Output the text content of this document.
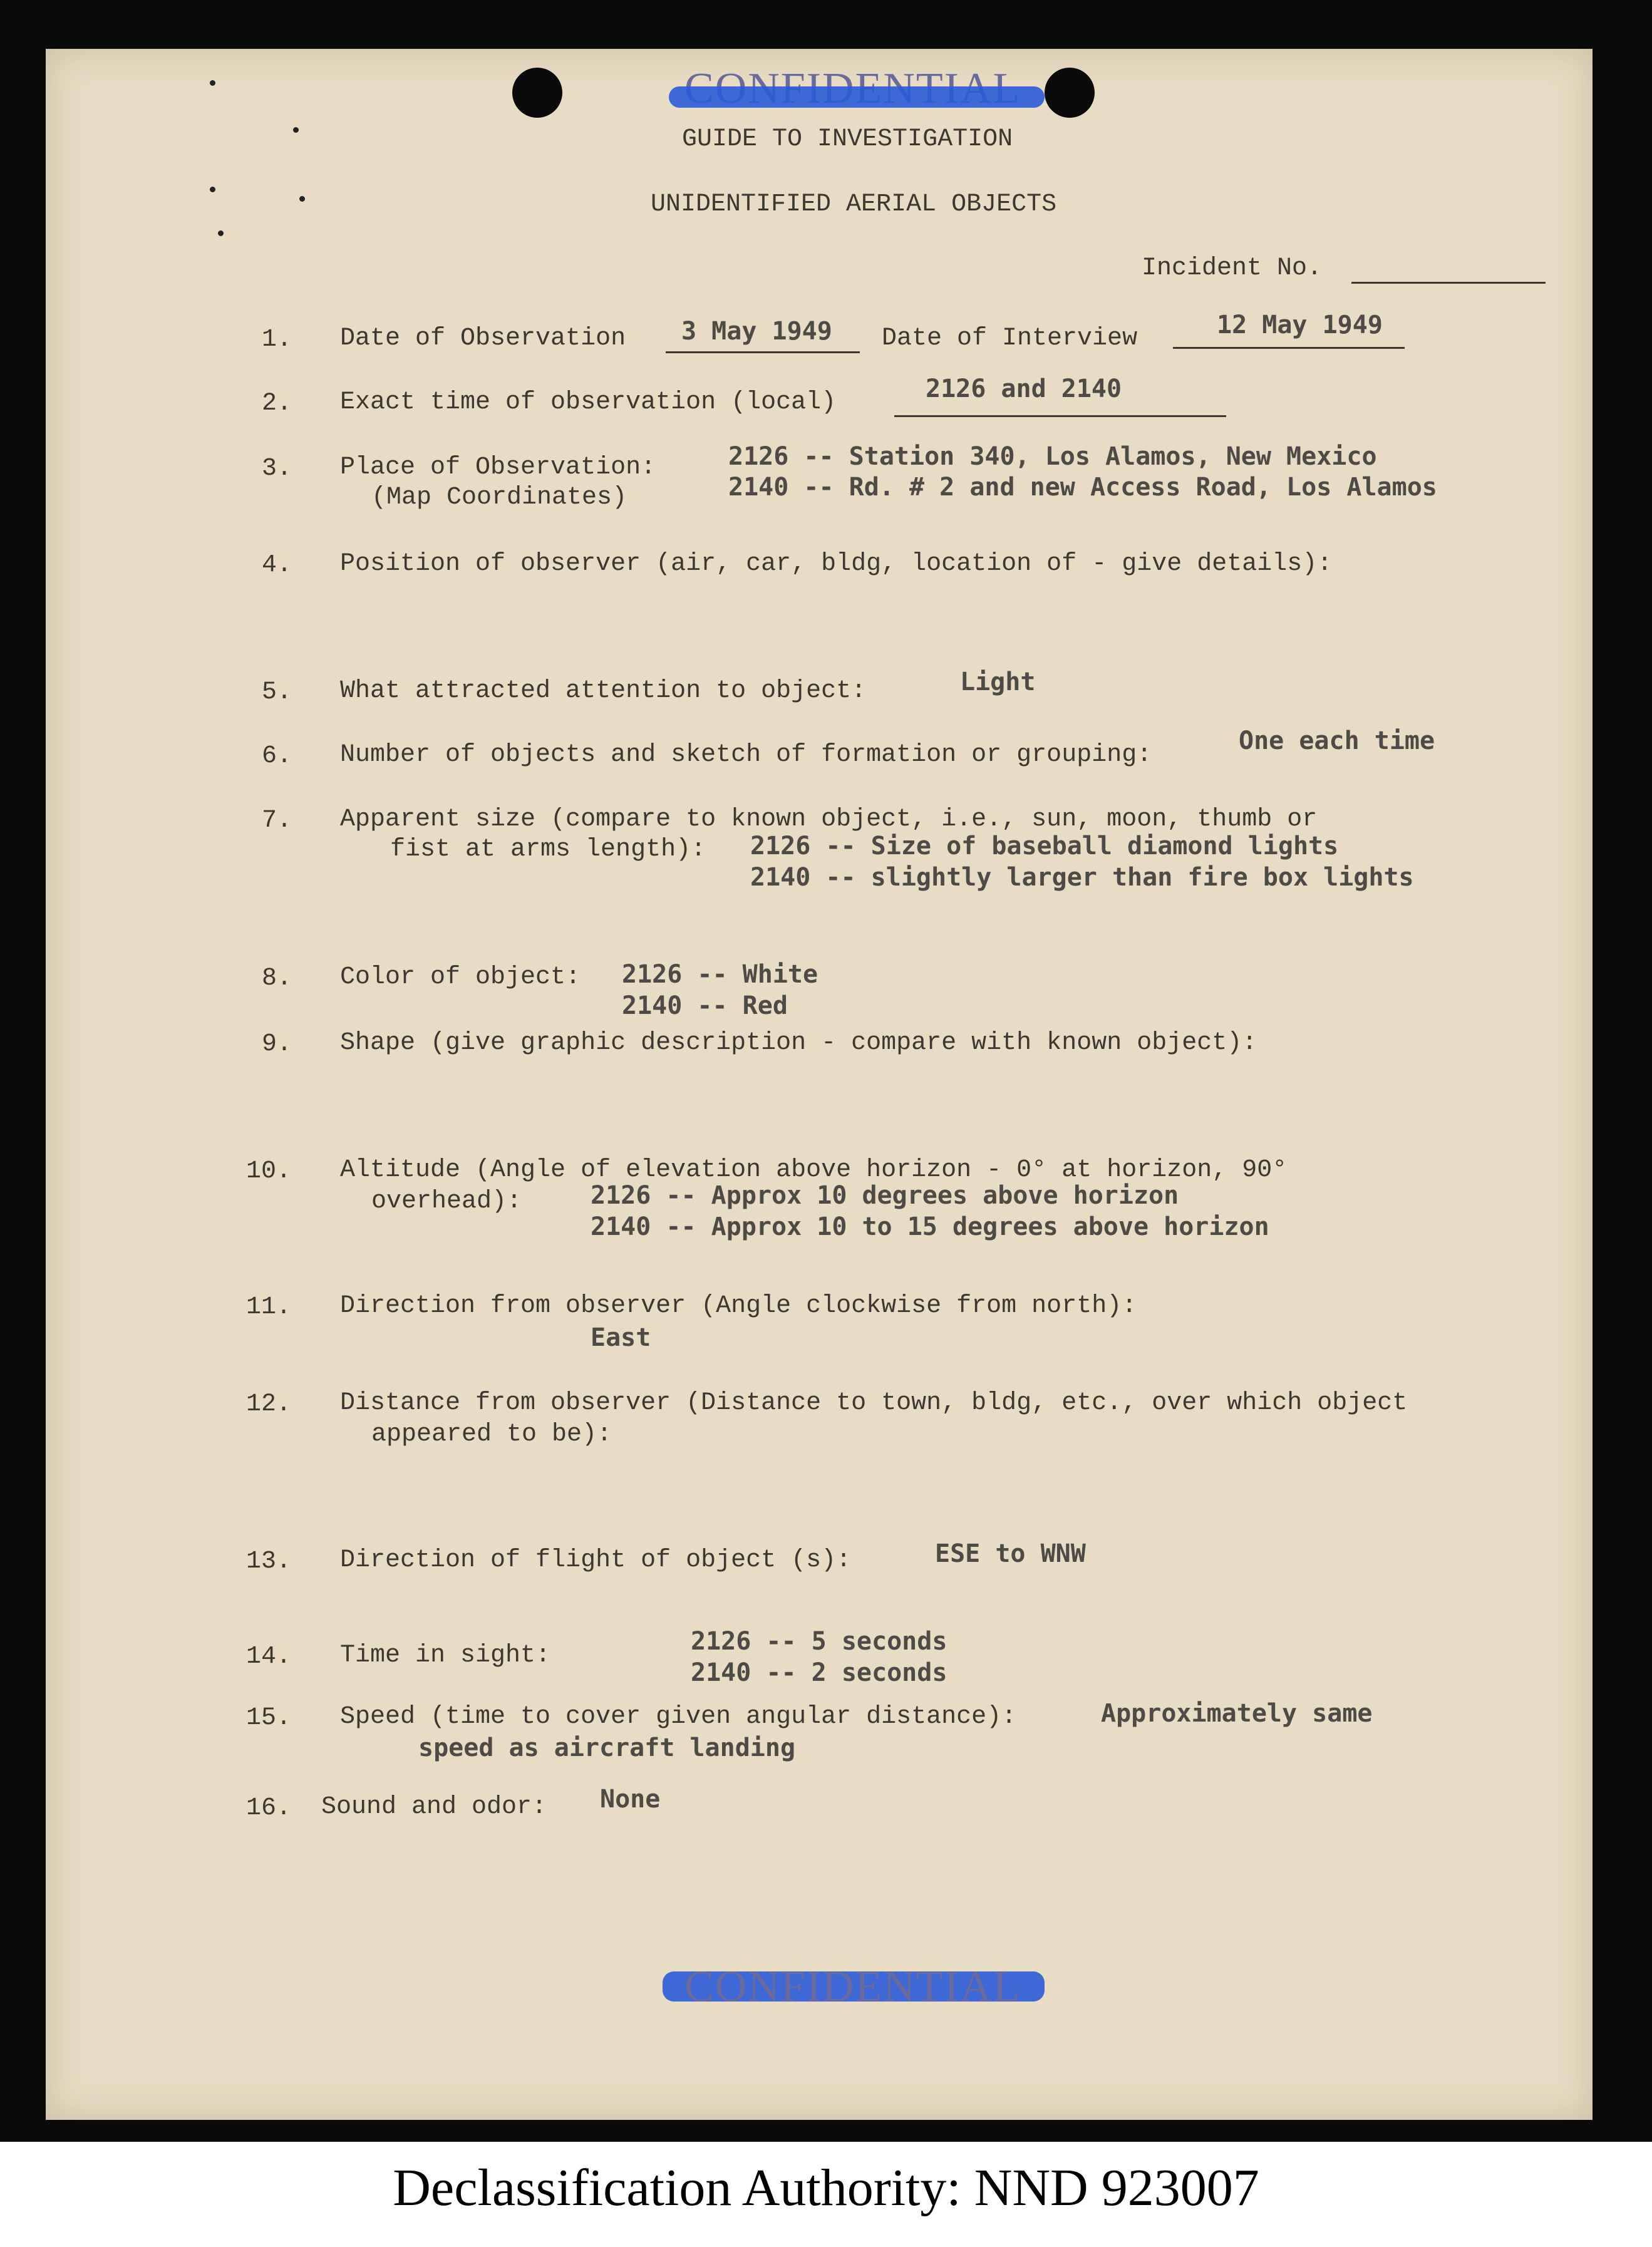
GUIDE TO INVESTIGATION
UNIDENTIFIED AERIAL OBJECTS
Incident No.
1. Date of Observation 3 May 1949 Date of Interview	12 May 1949
2. Exact time of observation (local)	2126 and 2140
3. Place of Observation:
(Map Coordinates)
2126 -- Station 340, Los Alamos, New Mexico
2140 -- Rd. # 2 and new Access Road, Los Alamos
4. Position of observer (air, car, bldg, location of - give details):
5. What attracted attention to object:	Light
6. Number of objects and sketch of formation or grouping:	One each time
7. Apparent size (compare to known object, i.e., sun, moon, thumb or
fist at arms length): 2126 -- Size of baseball diamond lights
2140 -- slightly larger than fire box lights
8. Color of object: 2126 -- White
2140 -- Red
9. Shape (give graphic description - compare with known object):
10. Altitude (Angle of elevation above horizon - 0° at horizon, 90°
overhead):	2126 -- Approx 10 degrees above horizon
2140 -- Approx 10 to 15 degrees above horizon
11. Direction from observer (Angle clockwise from north):
East
12. Distance from observer (Distance to town, bldg, etc., over which object
appeared to be):
13. Direction of flight of object (s):	ESE to WNW
14. Time in sight:	2126 -- 5 seconds
2140 -- 2 seconds
15. Speed (time to cover given angular distance):	Approximately same
speed as aircraft landing
16. Sound and odor: None
CONFIDENTIAL
Declassification Authority: NND 923007
